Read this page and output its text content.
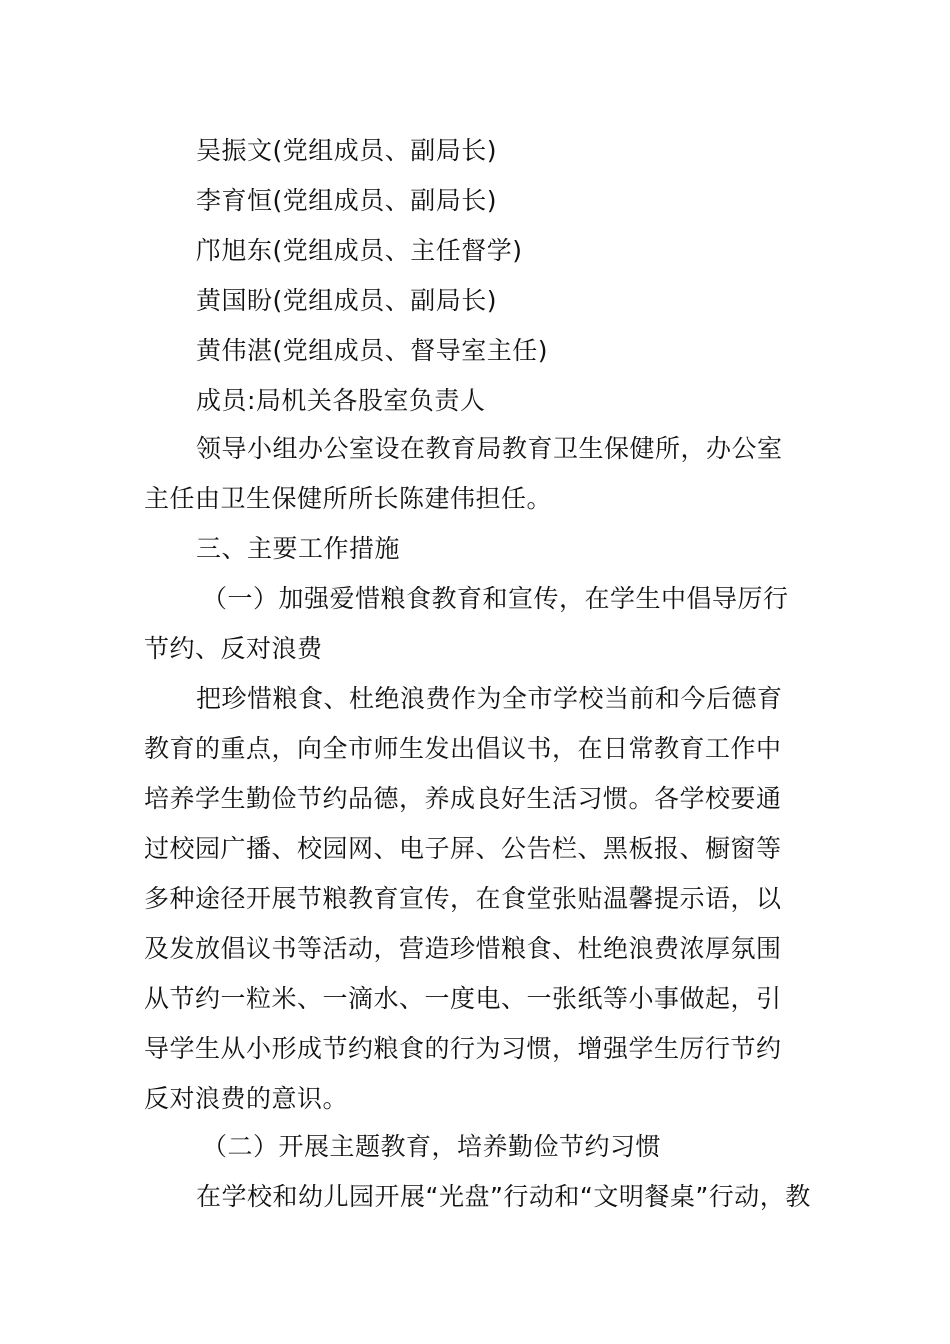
吴振文(党组成员、副局长)
李育恒(党组成员、副局长)
邝旭东(党组成员、主任督学)
黄国盼(党组成员、副局长)
黄伟湛(党组成员、督导室主任)
成员:局机关各股室负责人
领导小组办公室设在教育局教育卫生保健所，办公室
主任由卫生保健所所长陈建伟担任。
三、主要工作措施
（一）加强爱惜粮食教育和宣传，在学生中倡导厉行
节约、反对浪费
把珍惜粮食、杜绝浪费作为全市学校当前和今后德育
教育的重点，向全市师生发出倡议书，在日常教育工作中
培养学生勤俭节约品德，养成良好生活习惯。各学校要通
过校园广播、校园网、电子屏、公告栏、黑板报、橱窗等
多种途径开展节粮教育宣传，在食堂张贴温馨提示语，以
及发放倡议书等活动，营造珍惜粮食、杜绝浪费浓厚氛围
从节约一粒米、一滴水、一度电、一张纸等小事做起，引
导学生从小形成节约粮食的行为习惯，增强学生厉行节约
反对浪费的意识。
（二）开展主题教育，培养勤俭节约习惯
在学校和幼儿园开展“光盘”行动和“文明餐桌”行动，教
